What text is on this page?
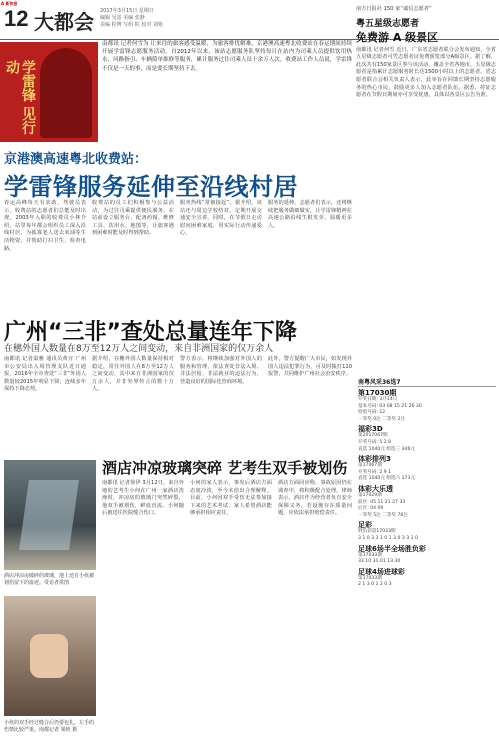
A 新快报
12 大都会 2017年3月15日 星期日
编辑 吴雷 美编 张静
美编 粒博 写组 粒 校对 刘艳
学雷锋 见行动
南都讯 记者何雪为 让来往的旅客感受温暖，为旅客排忧解难，京港澳高速粤北收费站在春运期间持续开展学雷锋志愿服务活动。自2012年以来，该站志愿服务队坚持每日在站内为司乘人员提供饮用热水、问路指引、车辆简单维修等服务，累计服务过往司乘人员十余万人次。收费站工作人员说，学雷锋不仅是一天的事，而是要长期坚持下去。
京港澳高速粤北收费站：
学雷锋服务延伸至沿线村居
春运高峰每天有求助，驾驶员表示，收费站的志愿者们总能及时出现。2003年入职的收费员小林介绍，站里每年都会组织员工深入沿线村居，为孤寡老人送去米油等生活物资，并帮助打扫卫生、检查电路。
收费站的员工们积极参与公益活动，为过往司乘提供便民服务。在站前设立服务台，配备药箱、维修工具、饮用水、地图等，让旅客遇到困难时能及时得到帮助。
服务热线“常被接起”。据介绍，该站还与周边学校结对，定期开展交通安全宣讲。同时，在节假日走访慰问困难家庭，用实际行动传递爱心。
服务的延伸。志愿者们表示，还将继续把服务做细做实，让学雷锋精神在高速公路沿线生根发芽，温暖更多人。
南方日报社 150 家“诚信志愿者”
粤五星级志愿者
免费游 A 级景区
南都讯 记者何雪 近日，广东省志愿者联合会发布通知，全省五星级志愿者可凭志愿者证免费游览部分A级景区。据了解，此次共有150家景区参与该活动，覆盖全省各地市。五星级志愿者是指累计志愿服务时长达1500小时以上的志愿者。省志愿者联合会相关负责人表示，此举旨在回馈长期坚持志愿服务的热心市民，鼓励更多人加入志愿者队伍。据悉，持证志愿者在节假日期间亦可享受优惠，具体以各景区公告为准。
广州“三非”查处总量连年下降
在穗外国人数量在8万至12万人之间变动，来自非洲国家的仅万余人
南都讯 记者温雅 通讯员黄宣 广州市公安局出入境管理支队近日通报，2016年全市查处“三非”外国人数量较2015年明显下降，连续多年保持下降态势。
据介绍，在穗外国人数量保持相对稳定，常住外国人在8万至12万人之间变动，其中来自非洲国家的仅万余人，并非外界传言的数十万人。
警方表示，将继续加强对外国人的服务和管理，依法查处非法入境、非法居留、非法就业的违法行为，营造良好的国际化营商环境。
此外，警方提醒广大市民，如发现外国人违法犯罪行为，可及时拨打110报警，共同维护广州社会治安秩序。
南粤风采36选7
第17030期
开奖日期: 3月14日
基本号码: 03 08 15 21 26 30
特别号码: 12
一等奖 0注 二等奖 2注
福彩3D
第2017067期
开奖号码: 5 2 8
直选 1040元 组选三 346元
体彩排列3
第17067期
开奖号码: 2 9 1
直选 1040元 组选六 173元
体彩大乐透
第17029期
前区: 05 11 21 27 33
后区: 04 09
一等奖 5注 二等奖 76注
足彩
胜负彩第17033期
3 1 0 3 3 1 0 1 3 0 3 3 1 0
足球6场半全场胜负彩
第17033期
33 10 31 01 13 30
足球4场进球彩
第17033期
2 1 3 0 1 2 0 3
酒店冲凉玻璃突碎 艺考生双手被划伤
酒店冲凉房破碎的玻璃，地上还有小伙被划伤留下的血迹。受访者供图
小伙的双手经过缝合后仍要包扎。左手的伤情比较严重。南都记者 梁艳 摄
南都讯 记者徐伊 3月12日，来自外地的艺考生小何在广州一家酒店洗澡时，冲凉房的玻璃门突然碎裂，他双手被划伤，鲜血直流。小何随后被送往医院缝合伤口。
小何的家人表示，事发后酒店方面态度冷淡，至今未给出合理解释。目前，小何因双手受伤无法参加接下来的艺术考试，家人希望酒店能够承担相应责任。
酒店方面回应称，事故原因仍在调查中，将积极配合处理。律师表示，酒店作为经营者负有安全保障义务，若设施存在质量问题，应依法承担赔偿责任。
